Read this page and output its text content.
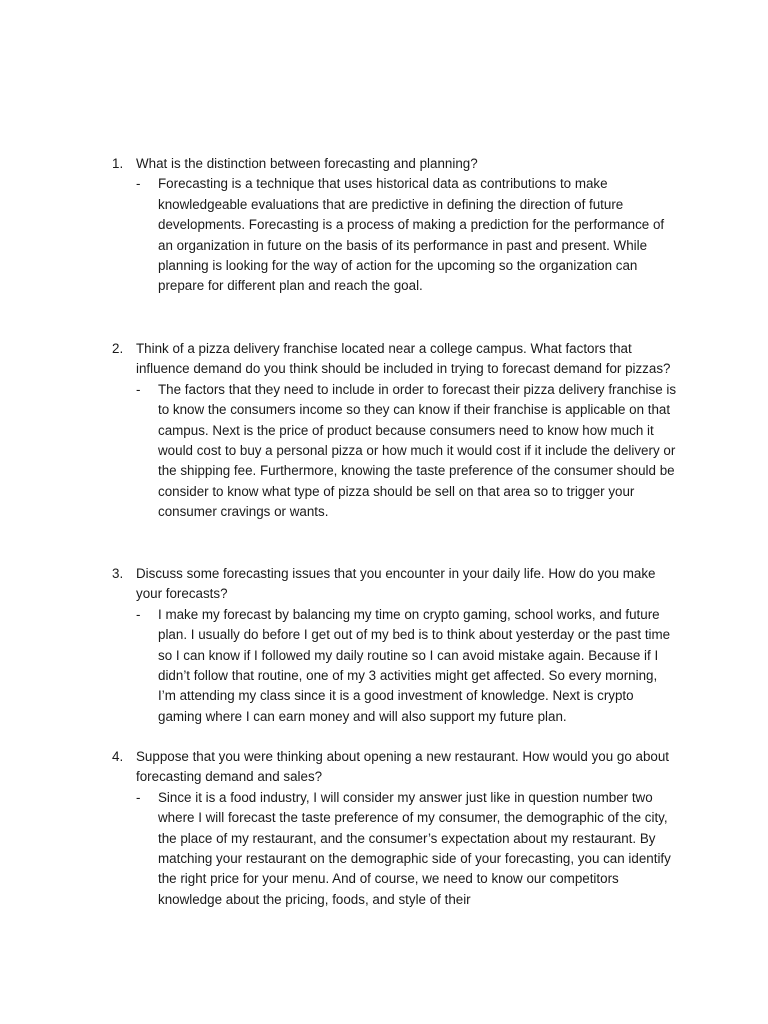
1. What is the distinction between forecasting and planning?
- Forecasting is a technique that uses historical data as contributions to make knowledgeable evaluations that are predictive in defining the direction of future developments. Forecasting is a process of making a prediction for the performance of an organization in future on the basis of its performance in past and present. While planning is looking for the way of action for the upcoming so the organization can prepare for different plan and reach the goal.
2. Think of a pizza delivery franchise located near a college campus. What factors that influence demand do you think should be included in trying to forecast demand for pizzas?
- The factors that they need to include in order to forecast their pizza delivery franchise is to know the consumers income so they can know if their franchise is applicable on that campus. Next is the price of product because consumers need to know how much it would cost to buy a personal pizza or how much it would cost if it include the delivery or the shipping fee. Furthermore, knowing the taste preference of the consumer should be consider to know what type of pizza should be sell on that area so to trigger your consumer cravings or wants.
3. Discuss some forecasting issues that you encounter in your daily life. How do you make your forecasts?
- I make my forecast by balancing my time on crypto gaming, school works, and future plan. I usually do before I get out of my bed is to think about yesterday or the past time so I can know if I followed my daily routine so I can avoid mistake again. Because if I didn’t follow that routine, one of my 3 activities might get affected. So every morning, I’m attending my class since it is a good investment of knowledge. Next is crypto gaming where I can earn money and will also support my future plan.
4. Suppose that you were thinking about opening a new restaurant. How would you go about forecasting demand and sales?
- Since it is a food industry, I will consider my answer just like in question number two where I will forecast the taste preference of my consumer, the demographic of the city, the place of my restaurant, and the consumer’s expectation about my restaurant. By matching your restaurant on the demographic side of your forecasting, you can identify the right price for your menu. And of course, we need to know our competitors knowledge about the pricing, foods, and style of their
